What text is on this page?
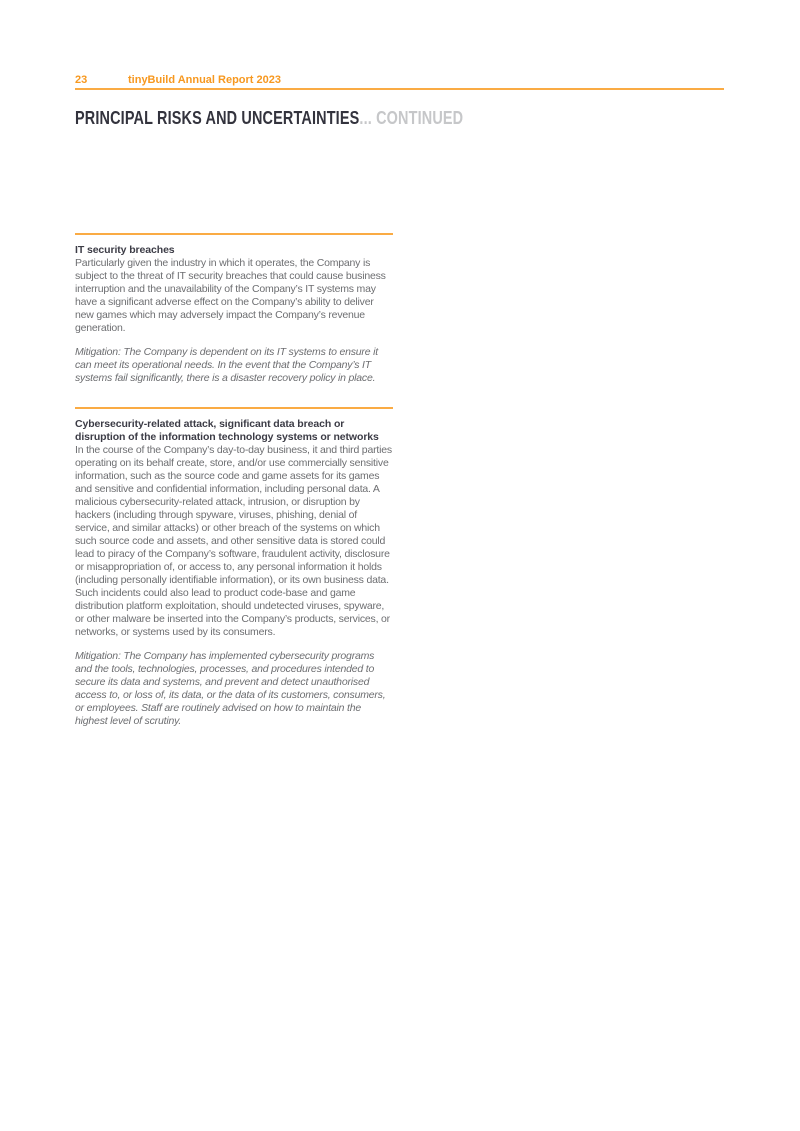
23	tinyBuild Annual Report 2023
PRINCIPAL RISKS AND UNCERTAINTIES... CONTINUED
IT security breaches

Particularly given the industry in which it operates, the Company is subject to the threat of IT security breaches that could cause business interruption and the unavailability of the Company’s IT systems may have a significant adverse effect on the Company’s ability to deliver new games which may adversely impact the Company’s revenue generation.

Mitigation: The Company is dependent on its IT systems to ensure it can meet its operational needs. In the event that the Company’s IT systems fail significantly, there is a disaster recovery policy in place.

Cybersecurity-related attack, significant data breach or disruption of the information technology systems or networks

In the course of the Company’s day-to-day business, it and third parties operating on its behalf create, store, and/or use commercially sensitive information, such as the source code and game assets for its games and sensitive and confidential information, including personal data. A malicious cybersecurity-related attack, intrusion, or disruption by hackers (including through spyware, viruses, phishing, denial of service, and similar attacks) or other breach of the systems on which such source code and assets, and other sensitive data is stored could lead to piracy of the Company’s software, fraudulent activity, disclosure or misappropriation of, or access to, any personal information it holds (including personally identifiable information), or its own business data. Such incidents could also lead to product code-base and game distribution platform exploitation, should undetected viruses, spyware, or other malware be inserted into the Company’s products, services, or networks, or systems used by its consumers.

Mitigation: The Company has implemented cybersecurity programs and the tools, technologies, processes, and procedures intended to secure its data and systems, and prevent and detect unauthorised access to, or loss of, its data, or the data of its customers, consumers, or employees. Staff are routinely advised on how to maintain the highest level of scrutiny.
